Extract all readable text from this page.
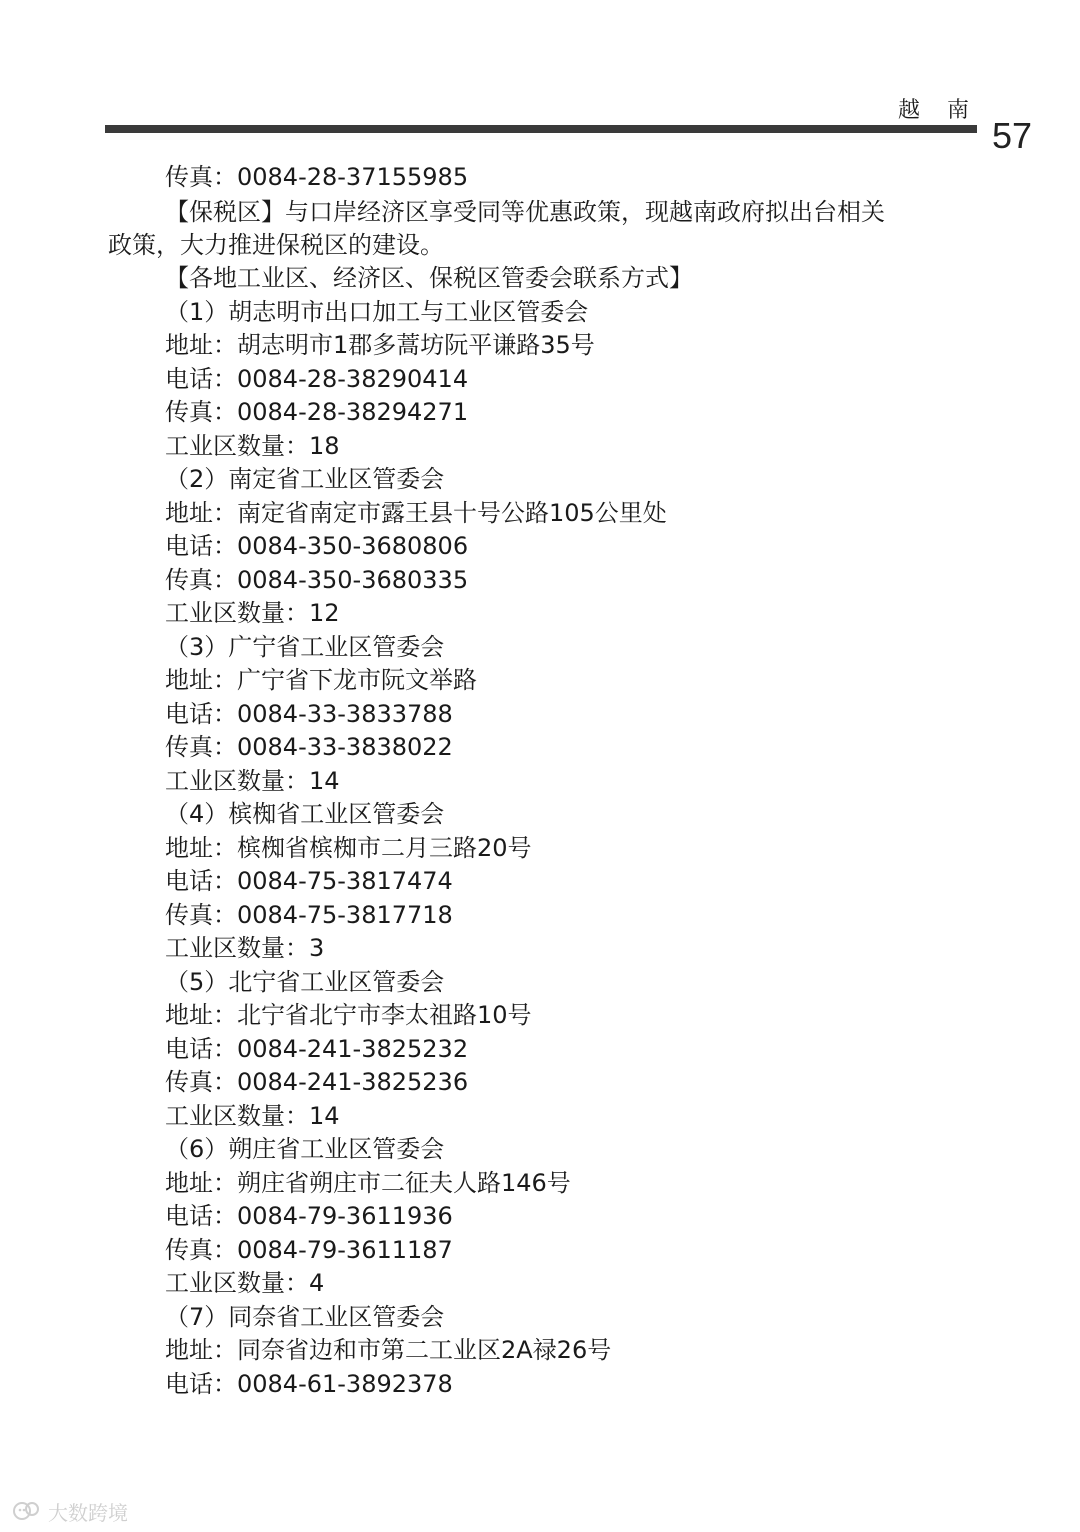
越 南
57
传真：0084-28-37155985
【保税区】与口岸经济区享受同等优惠政策，现越南政府拟出台相关
政策，大力推进保税区的建设。
【各地工业区、经济区、保税区管委会联系方式】
（1）胡志明市出口加工与工业区管委会
地址：胡志明市1郡多蒿坊阮平谦路35号
电话：0084-28-38290414
传真：0084-28-38294271
工业区数量：18
（2）南定省工业区管委会
地址：南定省南定市露王县十号公路105公里处
电话：0084-350-3680806
传真：0084-350-3680335
工业区数量：12
（3）广宁省工业区管委会
地址：广宁省下龙市阮文举路
电话：0084-33-3833788
传真：0084-33-3838022
工业区数量：14
（4）槟椥省工业区管委会
地址：槟椥省槟椥市二月三路20号
电话：0084-75-3817474
传真：0084-75-3817718
工业区数量：3
（5）北宁省工业区管委会
地址：北宁省北宁市李太祖路10号
电话：0084-241-3825232
传真：0084-241-3825236
工业区数量：14
（6）朔庄省工业区管委会
地址：朔庄省朔庄市二征夫人路146号
电话：0084-79-3611936
传真：0084-79-3611187
工业区数量：4
（7）同奈省工业区管委会
地址：同奈省边和市第二工业区2A禄26号
电话：0084-61-3892378
大数跨境
